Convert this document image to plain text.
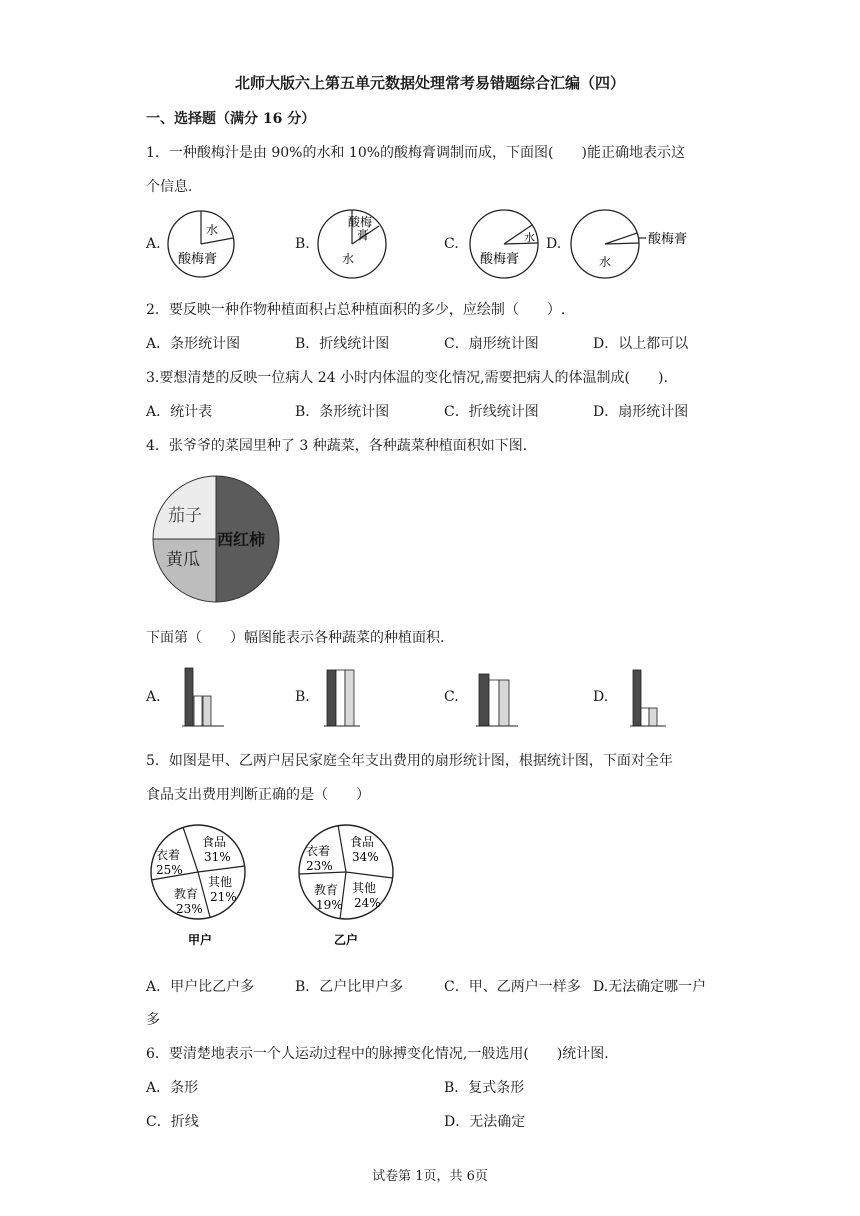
北师大版六上第五单元数据处理常考易错题综合汇编（四）
一、选择题（满分 16 分）
1．一种酸梅汁是由 90%的水和 10%的酸梅膏调制而成，下面图(　　)能正确地表示这
个信息.
A.
水
酸梅膏
B.
酸梅
膏
水
C.	水
酸梅膏
D.	酸梅膏
水
2．要反映一种作物种植面积占总种植面积的多少，应绘制（　　）.
A．条形统计图	B．折线统计图	C．扇形统计图	D．以上都可以
3.要想清楚的反映一位病人 24 小时内体温的变化情况,需要把病人的体温制成(　　).
A．统计表	B．条形统计图	C．折线统计图	D．扇形统计图
4．张爷爷的菜园里种了 3 种蔬菜，各种蔬菜种植面积如下图.
茄子
黄瓜
西红柿
下面第（　　）幅图能表示各种蔬菜的种植面积.
A.	B.	C.	D.
5．如图是甲、乙两户居民家庭全年支出费用的扇形统计图，根据统计图，下面对全年
食品支出费用判断正确的是（　　）
食品
31%
衣着
25%
教育
23%
其他
21%
甲户
食品
34%
衣着
23%
教育
19%
其他
24%
乙户
A．甲户比乙户多	B．乙户比甲户多	C．甲、乙两户一样多 D.无法确定哪一户
多
6．要清楚地表示一个人运动过程中的脉搏变化情况,一般选用(　　)统计图.
A．条形	B．复式条形
C．折线	D．无法确定
试卷第 1页，共 6页
